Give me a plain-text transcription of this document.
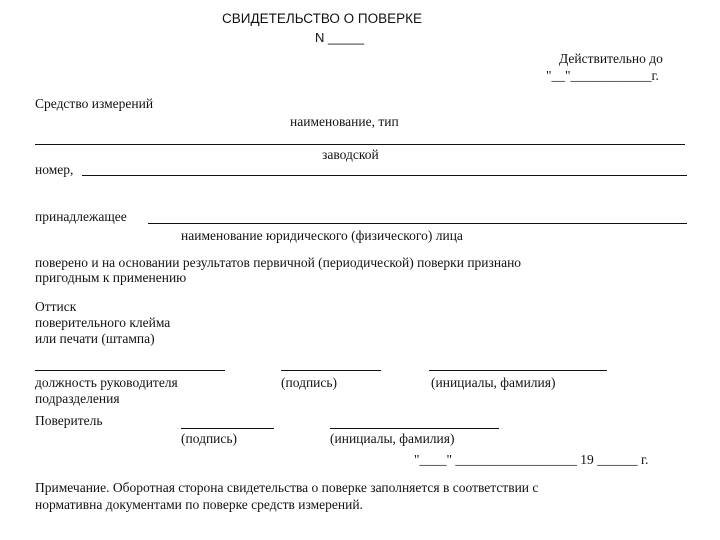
СВИДЕТЕЛЬСТВО О ПОВЕРКЕ
N _____
Действительно до
"__"____________г.
Средство измерений
наименование, тип
заводской
номер,
принадлежащее
наименование юридического (физического) лица
поверено и на основании результатов первичной (периодической) поверки признано
пригодным к применению
Оттиск
поверительного клейма
или печати (штампа)
должность руководителя
подразделения
(подпись)	(инициалы, фамилия)
Поверитель
(подпись)	(инициалы, фамилия)
"____" __________________ 19 ______ г.
Примечание. Оборотная сторона свидетельства о поверке заполняется в соответствии с
нормативна документами по поверке средств измерений.
